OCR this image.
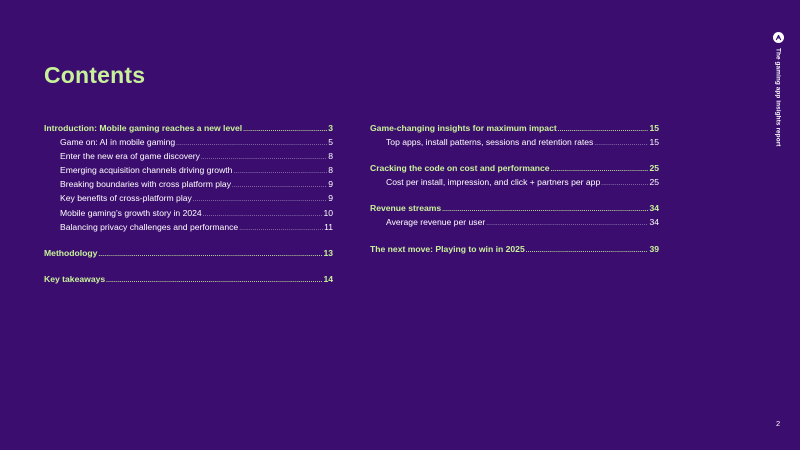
Contents
Introduction: Mobile gaming reaches a new level .....	3
Game on: AI in mobile gaming .....	5
Enter the new era of game discovery .....	8
Emerging acquisition channels driving growth .....	8
Breaking boundaries with cross platform play .....	9
Key benefits of cross-platform play .....	9
Mobile gaming’s growth story in 2024 .....	10
Balancing privacy challenges and performance .....	11
Methodology .....	13
Key takeaways .....	14
Game-changing insights for maximum impact .....	15
Top apps, install patterns, sessions and retention rates .....	15
Cracking the code on cost and performance .....	25
Cost per install, impression, and click + partners per app .....	25
Revenue streams .....	34
Average revenue per user .....	34
The next move: Playing to win in 2025 .....	39
The gaming app insights report
2
